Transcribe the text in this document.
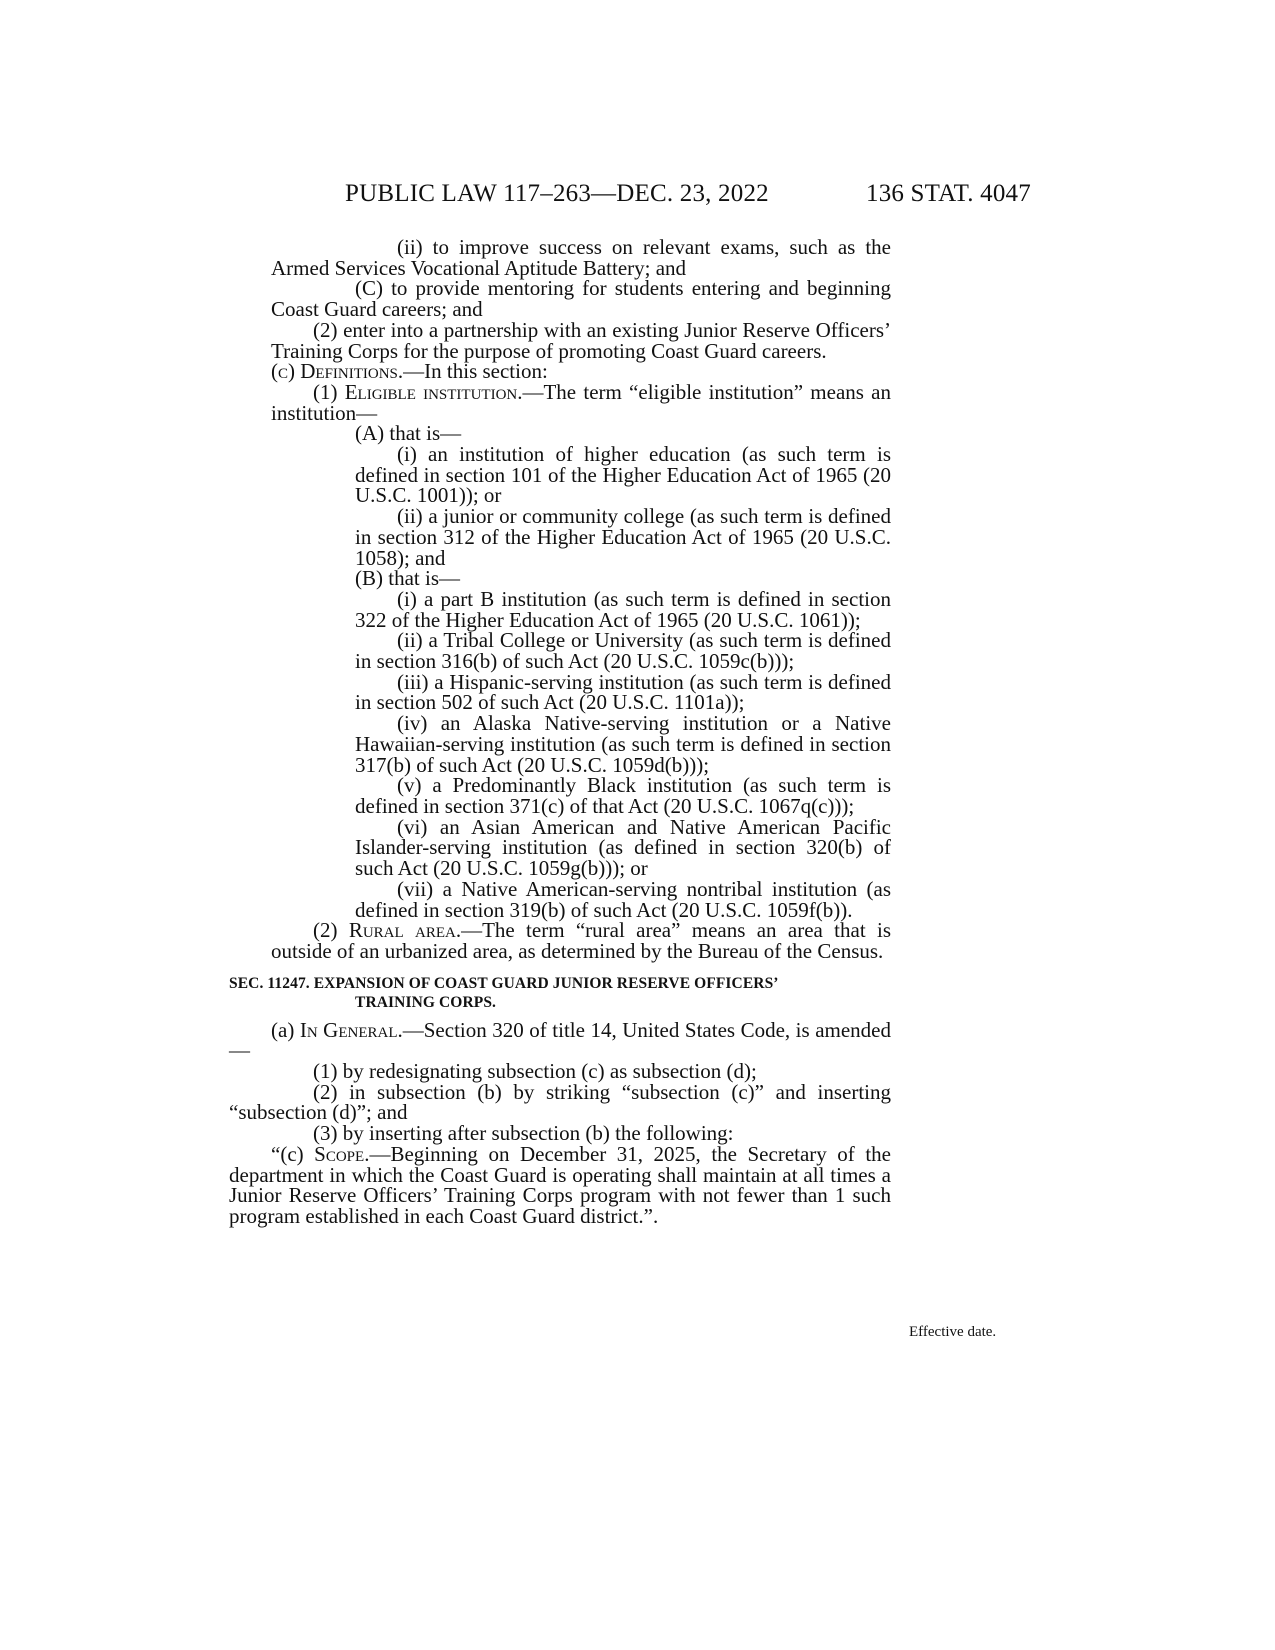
PUBLIC LAW 117–263—DEC. 23, 2022	136 STAT. 4047

(ii) to improve success on relevant exams, such as the Armed Services Vocational Aptitude Battery; and

(C) to provide mentoring for students entering and beginning Coast Guard careers; and

(2) enter into a partnership with an existing Junior Reserve Officers’ Training Corps for the purpose of promoting Coast Guard careers.

(c) Definitions.—In this section:

(1) Eligible institution.—The term “eligible institution” means an institution—

(A) that is—

(i) an institution of higher education (as such term is defined in section 101 of the Higher Education Act of 1965 (20 U.S.C. 1001)); or

(ii) a junior or community college (as such term is defined in section 312 of the Higher Education Act of 1965 (20 U.S.C. 1058); and

(B) that is—

(i) a part B institution (as such term is defined in section 322 of the Higher Education Act of 1965 (20 U.S.C. 1061));

(ii) a Tribal College or University (as such term is defined in section 316(b) of such Act (20 U.S.C. 1059c(b)));

(iii) a Hispanic-serving institution (as such term is defined in section 502 of such Act (20 U.S.C. 1101a));

(iv) an Alaska Native-serving institution or a Native Hawaiian-serving institution (as such term is defined in section 317(b) of such Act (20 U.S.C. 1059d(b)));

(v) a Predominantly Black institution (as such term is defined in section 371(c) of that Act (20 U.S.C. 1067q(c)));

(vi) an Asian American and Native American Pacific Islander-serving institution (as defined in section 320(b) of such Act (20 U.S.C. 1059g(b))); or

(vii) a Native American-serving nontribal institution (as defined in section 319(b) of such Act (20 U.S.C. 1059f(b)).

(2) Rural area.—The term “rural area” means an area that is outside of an urbanized area, as determined by the Bureau of the Census.

SEC. 11247. EXPANSION OF COAST GUARD JUNIOR RESERVE OFFICERS’
TRAINING CORPS.

(a) In General.—Section 320 of title 14, United States Code, is amended—

(1) by redesignating subsection (c) as subsection (d);

(2) in subsection (b) by striking “subsection (c)” and inserting “subsection (d)”; and

(3) by inserting after subsection (b) the following:

“(c) Scope.—Beginning on December 31, 2025, the Secretary of the department in which the Coast Guard is operating shall maintain at all times a Junior Reserve Officers’ Training Corps program with not fewer than 1 such program established in each Coast Guard district.”.

Effective date.
